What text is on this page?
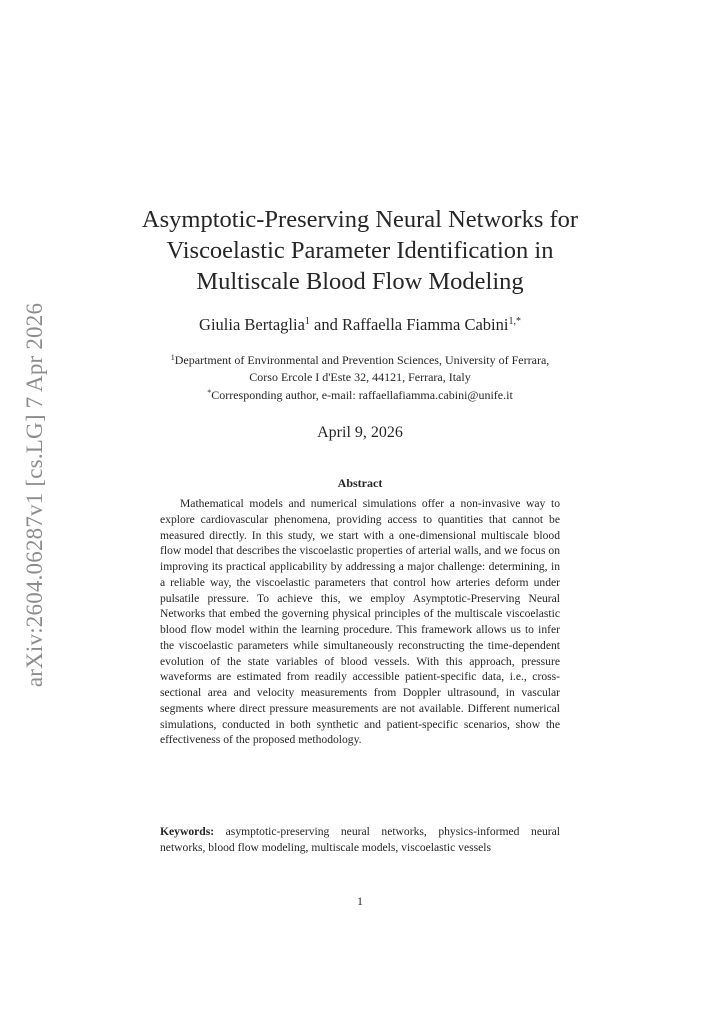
arXiv:2604.06287v1 [cs.LG] 7 Apr 2026
Asymptotic-Preserving Neural Networks for
Viscoelastic Parameter Identification in
Multiscale Blood Flow Modeling
Giulia Bertaglia$^1$ and Raffaella Fiamma Cabini$^{1,*}$
$^1$Department of Environmental and Prevention Sciences, University of Ferrara,
Corso Ercole I d'Este 32, 44121, Ferrara, Italy
*Corresponding author, e-mail: raffaellafiamma.cabini@unife.it
April 9, 2026
Abstract

Mathematical models and numerical simulations offer a non-invasive way to explore cardiovascular phenomena, providing access to quantities that cannot be measured directly. In this study, we start with a one-dimensional multiscale blood flow model that describes the viscoelastic properties of arterial walls, and we focus on improving its practical applicability by addressing a major challenge: determining, in a reliable way, the viscoelastic parameters that control how arteries deform under pulsatile pressure. To achieve this, we employ Asymptotic-Preserving Neural Networks that embed the governing physical principles of the multiscale viscoelastic blood flow model within the learning procedure. This framework allows us to infer the viscoelastic parameters while simultaneously reconstructing the time-dependent evolution of the state variables of blood vessels. With this approach, pressure waveforms are estimated from readily accessible patient-specific data, i.e., cross-sectional area and velocity measurements from Doppler ultrasound, in vascular segments where direct pressure measurements are not available. Different numerical simulations, conducted in both synthetic and patient-specific scenarios, show the effectiveness of the proposed methodology.

Keywords: asymptotic-preserving neural networks, physics-informed neural networks, blood flow modeling, multiscale models, viscoelastic vessels

1
